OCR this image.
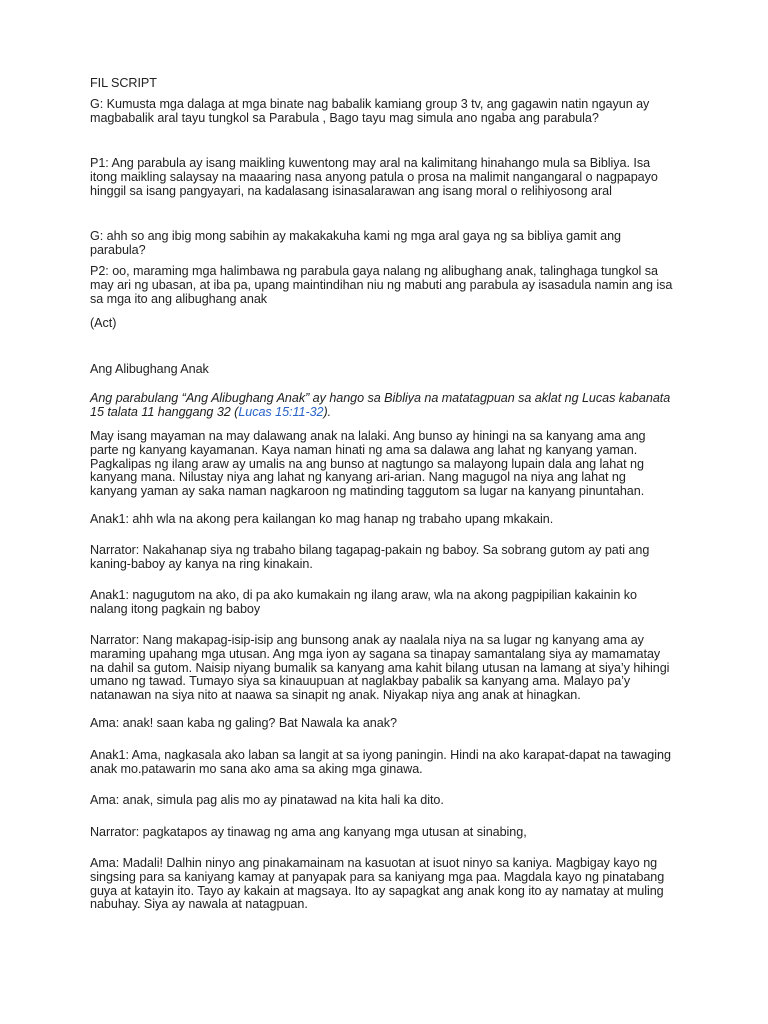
FIL SCRIPT
G: Kumusta mga dalaga at mga binate nag babalik kamiang group 3 tv, ang gagawin natin ngayun ay
magbabalik aral tayu tungkol sa Parabula , Bago tayu mag simula ano ngaba ang parabula?
P1: Ang parabula ay isang maikling kuwentong may aral na kalimitang hinahango mula sa Bibliya. Isa
itong maikling salaysay na maaaring nasa anyong patula o prosa na malimit nangangaral o nagpapayo
hinggil sa isang pangyayari, na kadalasang isinasalarawan ang isang moral o relihiyosong aral
G: ahh so ang ibig mong sabihin ay makakakuha kami ng mga aral gaya ng sa bibliya gamit ang
parabula?
P2: oo, maraming mga halimbawa ng parabula gaya nalang ng alibughang anak, talinghaga tungkol sa
may ari ng ubasan, at iba pa, upang maintindihan niu ng mabuti ang parabula ay isasadula namin ang isa
sa mga ito ang alibughang anak
(Act)
Ang Alibughang Anak
Ang parabulang “Ang Alibughang Anak” ay hango sa Bibliya na matatagpuan sa aklat ng Lucas kabanata
15 talata 11 hanggang 32 (Lucas 15:11-32).
May isang mayaman na may dalawang anak na lalaki. Ang bunso ay hiningi na sa kanyang ama ang
parte ng kanyang kayamanan. Kaya naman hinati ng ama sa dalawa ang lahat ng kanyang yaman.
Pagkalipas ng ilang araw ay umalis na ang bunso at nagtungo sa malayong lupain dala ang lahat ng
kanyang mana. Nilustay niya ang lahat ng kanyang ari-arian. Nang magugol na niya ang lahat ng
kanyang yaman ay saka naman nagkaroon ng matinding taggutom sa lugar na kanyang pinuntahan.
Anak1: ahh wla na akong pera kailangan ko mag hanap ng trabaho upang mkakain.
Narrator: Nakahanap siya ng trabaho bilang tagapag-pakain ng baboy. Sa sobrang gutom ay pati ang
kaning-baboy ay kanya na ring kinakain.
Anak1: nagugutom na ako, di pa ako kumakain ng ilang araw, wla na akong pagpipilian kakainin ko
nalang itong pagkain ng baboy
Narrator: Nang makapag-isip-isip ang bunsong anak ay naalala niya na sa lugar ng kanyang ama ay
maraming upahang mga utusan. Ang mga iyon ay sagana sa tinapay samantalang siya ay mamamatay
na dahil sa gutom. Naisip niyang bumalik sa kanyang ama kahit bilang utusan na lamang at siya’y hihingi
umano ng tawad. Tumayo siya sa kinauupuan at naglakbay pabalik sa kanyang ama. Malayo pa’y
natanawan na siya nito at naawa sa sinapit ng anak. Niyakap niya ang anak at hinagkan.
Ama: anak! saan kaba ng galing? Bat Nawala ka anak?
Anak1: Ama, nagkasala ako laban sa langit at sa iyong paningin. Hindi na ako karapat-dapat na tawaging
anak mo.patawarin mo sana ako ama sa aking mga ginawa.
Ama: anak, simula pag alis mo ay pinatawad na kita hali ka dito.
Narrator: pagkatapos ay tinawag ng ama ang kanyang mga utusan at sinabing,
Ama: Madali! Dalhin ninyo ang pinakamainam na kasuotan at isuot ninyo sa kaniya. Magbigay kayo ng
singsing para sa kaniyang kamay at panyapak para sa kaniyang mga paa. Magdala kayo ng pinatabang
guya at katayin ito. Tayo ay kakain at magsaya. Ito ay sapagkat ang anak kong ito ay namatay at muling
nabuhay. Siya ay nawala at natagpuan.
